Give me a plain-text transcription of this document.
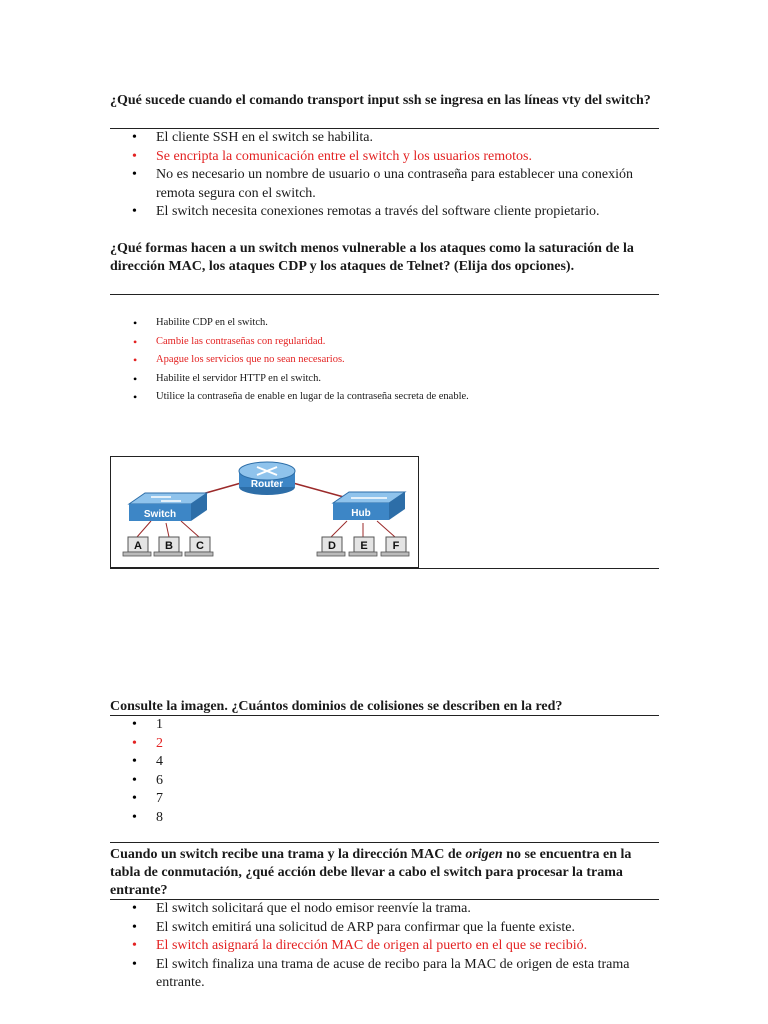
¿Qué sucede cuando el comando transport input ssh se ingresa en las líneas vty del switch?
• El cliente SSH en el switch se habilita.
• Se encripta la comunicación entre el switch y los usuarios remotos.
• No es necesario un nombre de usuario o una contraseña para establecer una conexión remota segura con el switch.
• El switch necesita conexiones remotas a través del software cliente propietario.
¿Qué formas hacen a un switch menos vulnerable a los ataques como la saturación de la dirección MAC, los ataques CDP y los ataques de Telnet? (Elija dos opciones).
• Habilite CDP en el switch.
• Cambie las contraseñas con regularidad.
• Apague los servicios que no sean necesarios.
• Habilite el servidor HTTP en el switch.
• Utilice la contraseña de enable en lugar de la contraseña secreta de enable.
Router
Switch	Hub
A B C	D E F
Consulte la imagen. ¿Cuántos dominios de colisiones se describen en la red?
• 1
• 2
• 4
• 6
• 7
• 8
Cuando un switch recibe una trama y la dirección MAC de origen no se encuentra en la tabla de conmutación, ¿qué acción debe llevar a cabo el switch para procesar la trama entrante?
• El switch solicitará que el nodo emisor reenvíe la trama.
• El switch emitirá una solicitud de ARP para confirmar que la fuente existe.
• El switch asignará la dirección MAC de origen al puerto en el que se recibió.
• El switch finaliza una trama de acuse de recibo para la MAC de origen de esta trama entrante.
